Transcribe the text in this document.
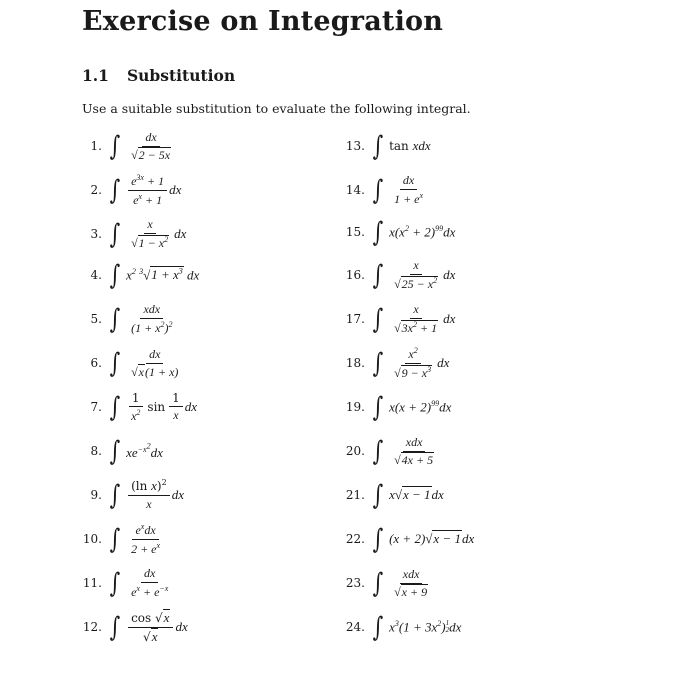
Exercise on Integration
1.1 Substitution
Use a suitable substitution to evaluate the following integral.
1. ∫ $\frac{dx}{√2 - 5x}$
2. ∫ $\frac{e^{3x} + 1}{e^x + 1}$ dx
3. ∫ $\frac{x}{√1 - x^2}$ dx
4. ∫ $x^2$ $^3√1 + x^3$ dx
5. ∫ $\frac{\text{xdx}}{(1 + x^2)^2}$
6. ∫ $\frac{dx}{√x(1 + x)}$
7. ∫ $\frac{1}{x^2}$ $\sin \frac{1}{x}$ dx
8. ∫ $xe^{-x^2}dx$
9. ∫ $\frac{(\ln x)^2}{x}$ dx
10. ∫ $\frac{e^xdx}{2 + e^x}$
11. ∫ $\frac{dx}{e^x + e^{-x}}$
12. ∫ $\frac{\cos √x}{√x}$ dx
13. ∫ tan xdx
14. ∫ $\frac{dx}{1 + e^x}$
15. ∫ $x(x^2 + 2)^{99}dx$
16. ∫ $\frac{x}{√25 - x^2}$ dx
17. ∫ $\frac{x}{√3x^2 + 1}$ dx
18. ∫ $\frac{x^2}{√9 - x^3}$ dx
19. ∫ $x(x + 2)^{99}dx$
20. ∫ $\frac{\text{xdx}}{√4x + 5}$
21. ∫ x√x − 1dx
22. ∫ (x + 2)√x − 1dx
23. ∫ $\frac{\text{xdx}}{√x + 9}$
24. ∫ $x^3(1 + 3x^2)$ 1
2 dx
